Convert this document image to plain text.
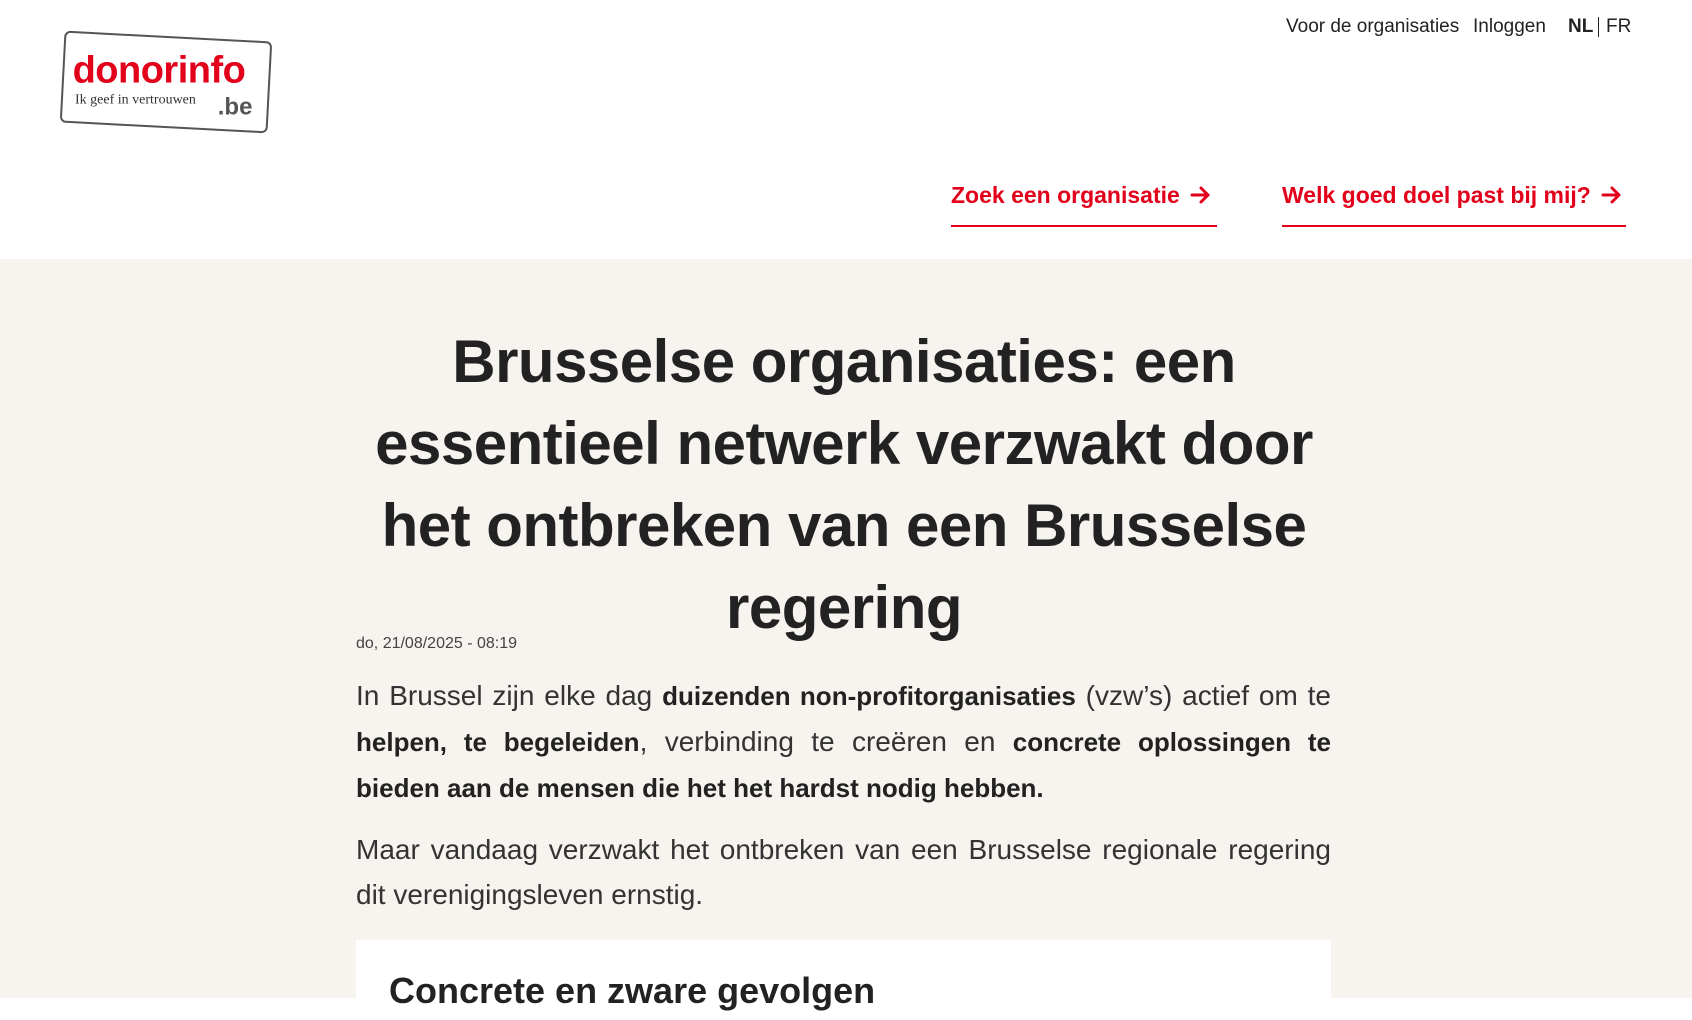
donorinfo
Ik geef in vertrouwen .be
Voor de organisaties Inloggen NL FR
Zoek een organisatie	Welk goed doel past bij mij?
Brusselse organisaties: een essentieel netwerk verzwakt door het ontbreken van een Brusselse regering
do, 21/08/2025 - 08:19

In Brussel zijn elke dag duizenden non-profitorganisaties (vzw’s) actief om te helpen, te begeleiden, verbinding te creëren en concrete oplossingen te bieden aan de mensen die het het hardst nodig hebben.

Maar vandaag verzwakt het ontbreken van een Brusselse regionale regering dit verenigingsleven ernstig.

Concrete en zware gevolgen
